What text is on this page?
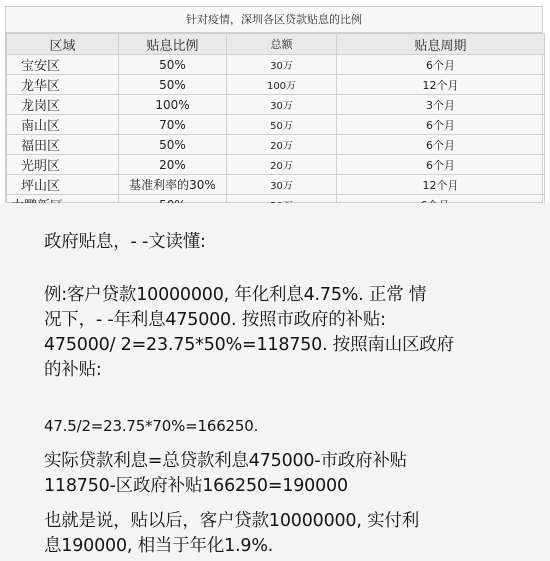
针对疫情，深圳各区贷款贴息的比例
区域	贴息比例	总额	贴息周期
宝安区	50%	30万	6个月
龙华区	50%	100万	12个月
龙岗区	100%	30万	3个月
南山区	70%	50万	6个月
福田区	50%	20万	6个月
光明区	20%	20万	6个月
坪山区	基准利率的30%	30万	12个月

政府贴息，- -文读懂:
例:客户贷款10000000, 年化利息4.75%. 正常 情
况下，- -年利息475000. 按照市政府的补贴:
475000/ 2=23.75*50%=118750. 按照南山区政府
的补贴:
47.5/2=23.75*70%=166250.
实际贷款利息=总贷款利息475000-市政府补贴
118750-区政府补贴166250=190000
也就是说，贴以后，客户贷款10000000, 实付利
息190000, 相当于年化1.9%.
